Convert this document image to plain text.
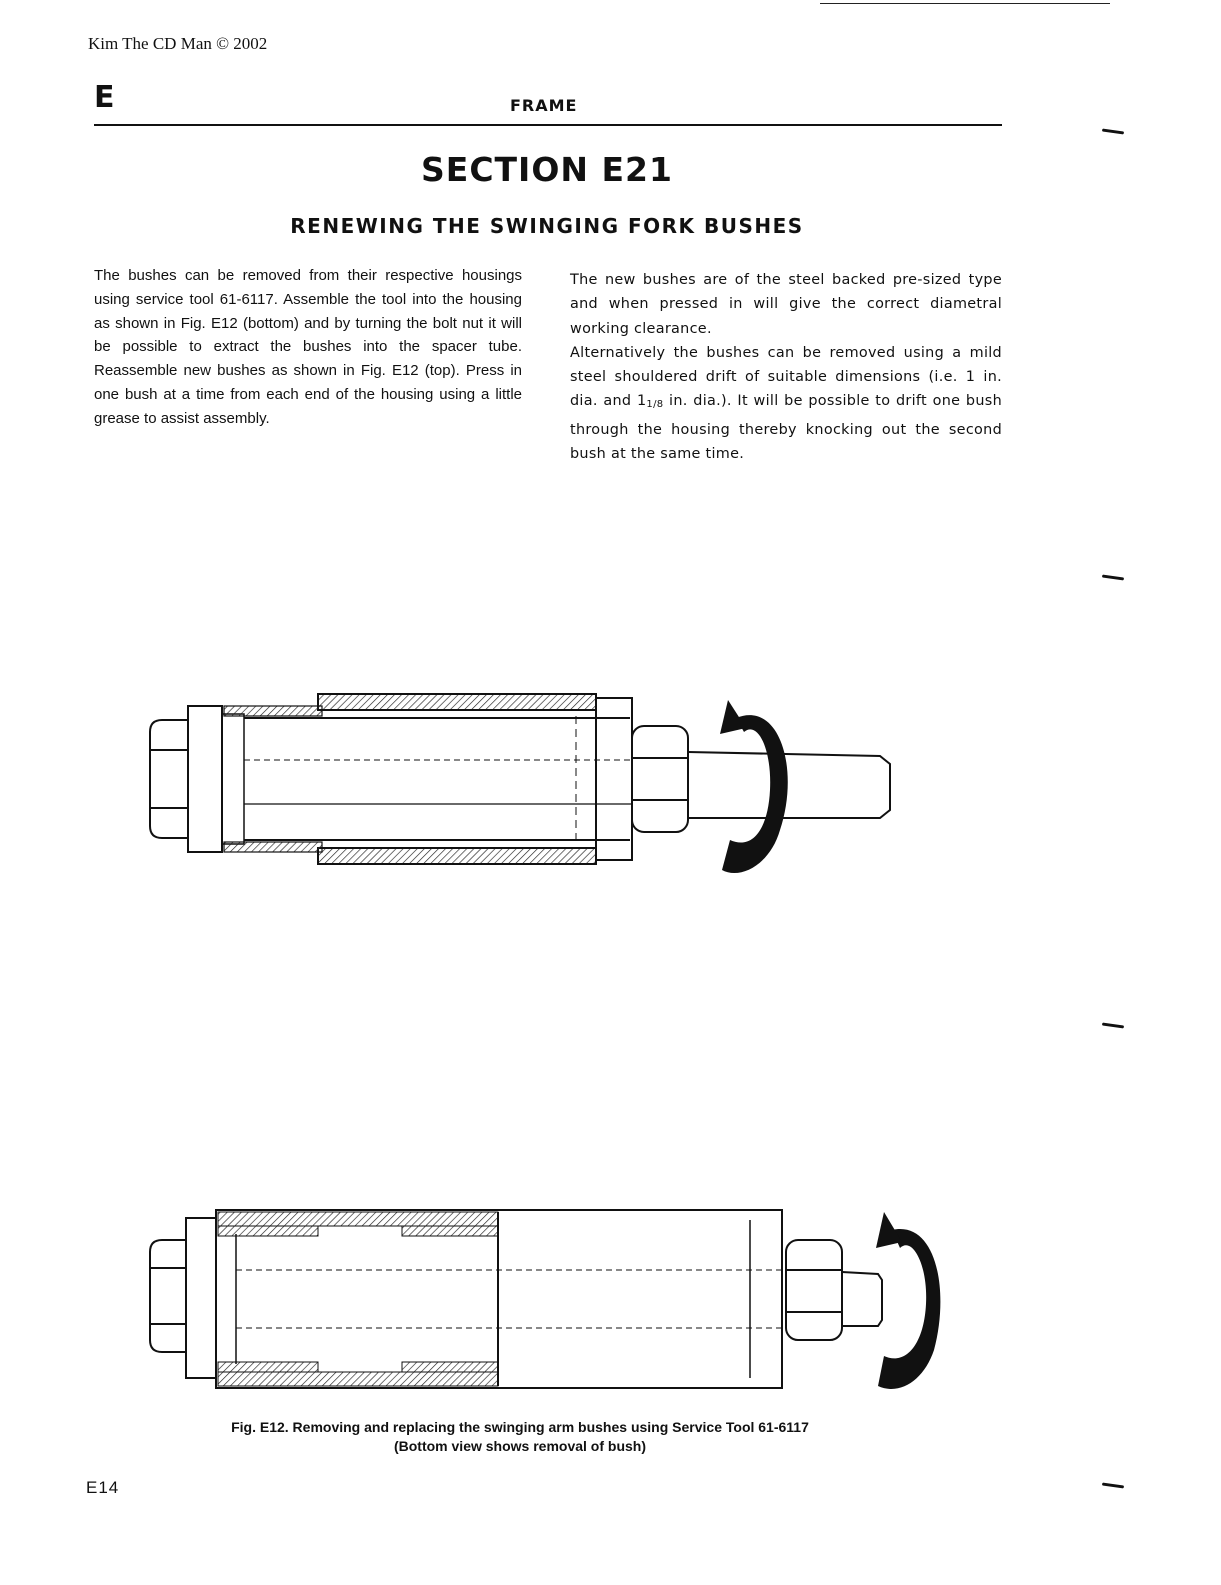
Kim The CD Man © 2002
E	FRAME
SECTION E21
RENEWING THE SWINGING FORK BUSHES

The bushes can be removed from their respective housings using service tool 61-6117. Assemble the tool into the housing as shown in Fig. E12 (bottom) and by turning the bolt nut it will be possible to extract the bushes into the spacer tube. Reassemble new bushes as shown in Fig. E12 (top). Press in one bush at a time from each end of the housing using a little grease to assist assembly.

The new bushes are of the steel backed pre-sized type and when pressed in will give the correct diametral working clearance.

Alternatively the bushes can be removed using a mild steel shouldered drift of suitable dimensions (i.e. 1 in. dia. and 11/8 in. dia.). It will be possible to drift one bush through the housing thereby knocking out the second bush at the same time.

Fig. E12. Removing and replacing the swinging arm bushes using Service Tool 61-6117
(Bottom view shows removal of bush)
E14
